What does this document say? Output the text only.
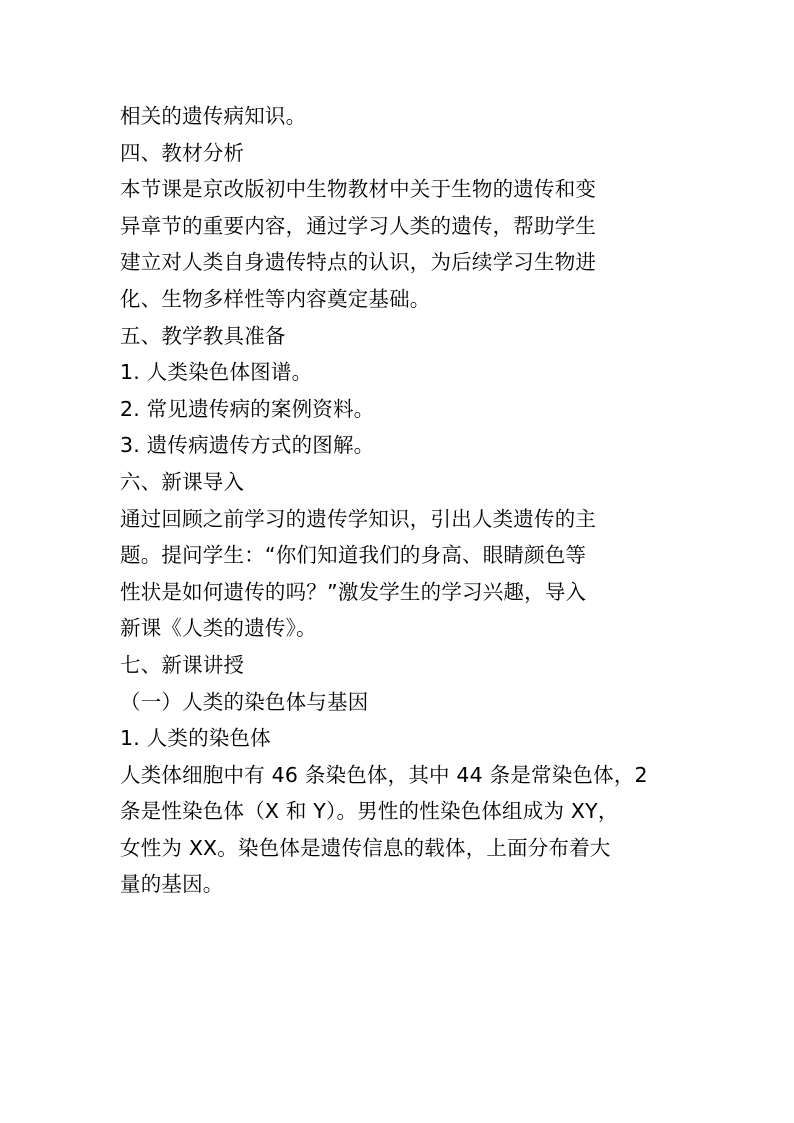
相关的遗传病知识。
四、教材分析
本节课是京改版初中生物教材中关于生物的遗传和变
异章节的重要内容，通过学习人类的遗传，帮助学生
建立对人类自身遗传特点的认识，为后续学习生物进
化、生物多样性等内容奠定基础。
五、教学教具准备
1. 人类染色体图谱。
2. 常见遗传病的案例资料。
3. 遗传病遗传方式的图解。
六、新课导入
通过回顾之前学习的遗传学知识，引出人类遗传的主
题。提问学生：“你们知道我们的身高、眼睛颜色等
性状是如何遗传的吗？”激发学生的学习兴趣，导入
新课《人类的遗传》。
七、新课讲授
（一）人类的染色体与基因
1. 人类的染色体
人类体细胞中有 46 条染色体，其中 44 条是常染色体，2
条是性染色体（X 和 Y）。男性的性染色体组成为 XY，
女性为 XX。染色体是遗传信息的载体，上面分布着大
量的基因。
